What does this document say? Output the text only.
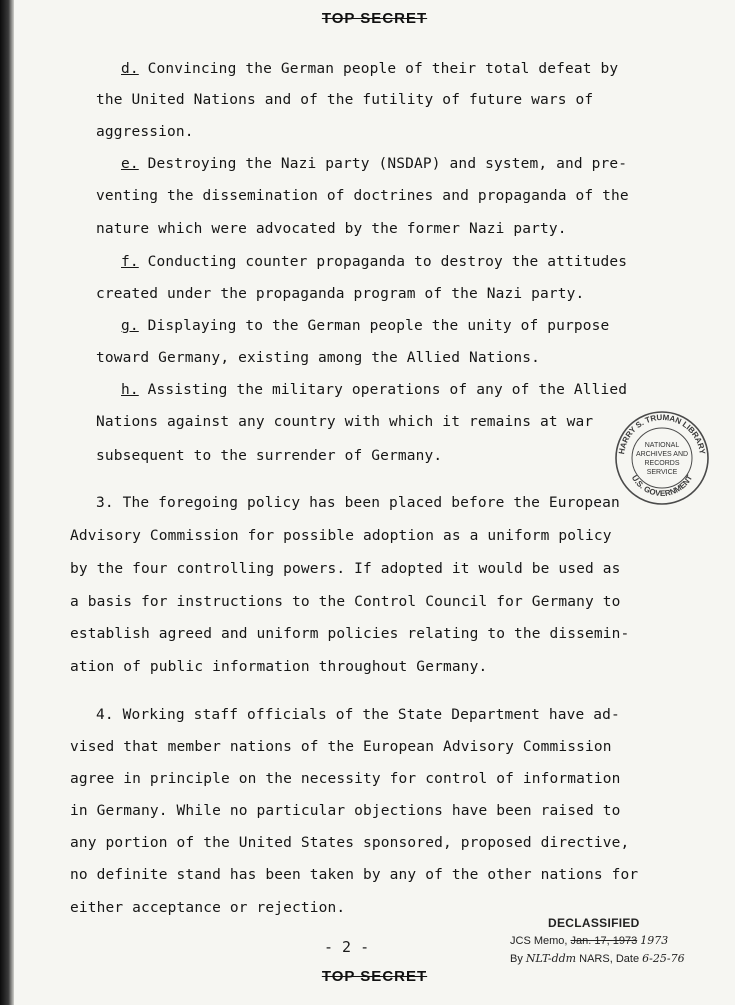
TOP SECRET
d. Convincing the German people of their total defeat by
the United Nations and of the futility of future wars of
aggression.
e. Destroying the Nazi party (NSDAP) and system, and pre-
venting the dissemination of doctrines and propaganda of the
nature which were advocated by the former Nazi party.
f. Conducting counter propaganda to destroy the attitudes
created under the propaganda program of the Nazi party.
g. Displaying to the German people the unity of purpose
toward Germany, existing among the Allied Nations.
h. Assisting the military operations of any of the Allied
Nations against any country with which it remains at war
subsequent to the surrender of Germany.
3. The foregoing policy has been placed before the European
Advisory Commission for possible adoption as a uniform policy
by the four controlling powers. If adopted it would be used as
a basis for instructions to the Control Council for Germany to
establish agreed and uniform policies relating to the dissemin-
ation of public information throughout Germany.
4. Working staff officials of the State Department have ad-
vised that member nations of the European Advisory Commission
agree in principle on the necessity for control of information
in Germany. While no particular objections have been raised to
any portion of the United States sponsored, proposed directive,
no definite stand has been taken by any of the other nations for
either acceptance or rejection.
- 2 -
TOP SECRET
HARRY S. TRUMAN LIBRARY
U.S. GOVERNMENT
NATIONAL
ARCHIVES AND
RECORDS
SERVICE
DECLASSIFIED
JCS Memo, Jan. 17, 1973 1973
By NLT-ddm NARS, Date 6-25-76
